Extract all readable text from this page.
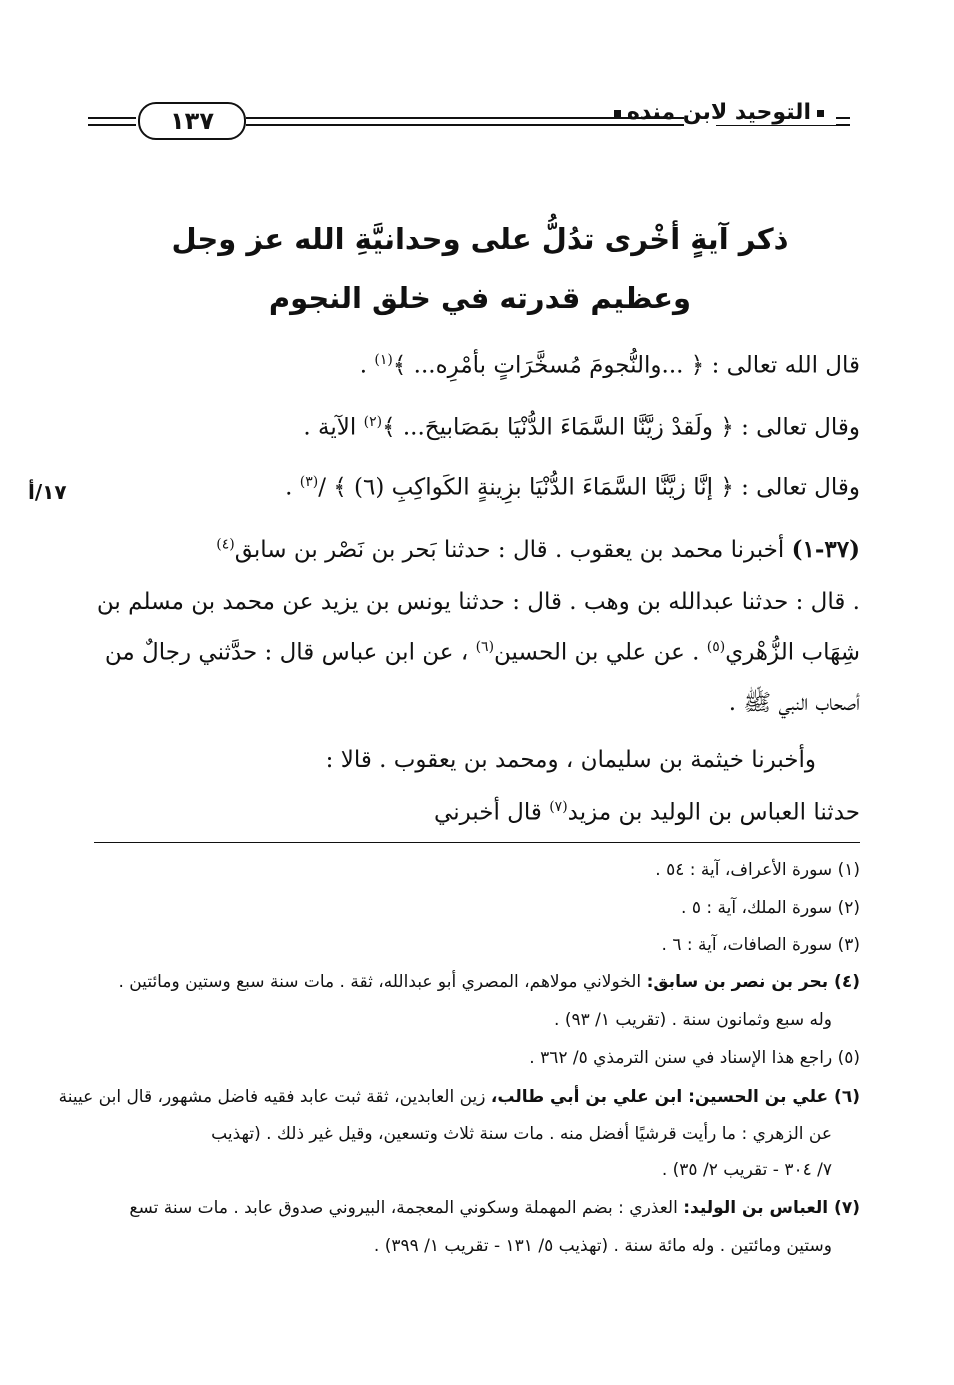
التوحيد لابن منده
١٣٧
ذكر آيةٍ أخْرى تدُلُّ على وحدانيَّةِ الله عز وجل
وعظيم قدرته في خلق النجوم
١٧/أ
قال الله تعالى : ﴿ ...والنُّجومَ مُسخَّرَاتٍ بأمْرِه... ﴾$^{(١)}$ .
وقال تعالى : ﴿ ولَقدْ زيَّنَّا السَّمَاءَ الدُّنْيَا بمَصَابيحَ... ﴾$^{(٢)}$ الآية .
وقال تعالى : ﴿ إنَّا زيَّنَّا السَّمَاءَ الدُّنْيَا بزِينةٍ الكَواكِبِ (٦) ﴾ /$^{(٣)}$ .
(٣٧-١) أخبرنا محمد بن يعقوب . قال : حدثنا بَحر بن نَصْر بن سابق$^{(٤)}$
. قال : حدثنا عبدالله بن وهب . قال : حدثنا يونس بن يزيد عن محمد بن مسلم بن
شِهَاب الزُّهْري$^{(٥)}$ . عن علي بن الحسين$^{(٦)}$ ، عن ابن عباس قال : حدَّثني رجالٌ من
أصحاب النبي ﷺ .
وأخبرنا خيثمة بن سليمان ، ومحمد بن يعقوب . قالا :
حدثنا العباس بن الوليد بن مزيد$^{(٧)}$ قال أخبرني
(١) سورة الأعراف، آية : ٥٤ .
(٢) سورة الملك، آية : ٥ .
(٣) سورة الصافات، آية : ٦ .
(٤) بحر بن نصر بن سابق: الخولاني مولاهم، المصري أبو عبدالله، ثقة . مات سنة سبع وستين ومائتين .
وله سبع وثمانون سنة . (تقريب ١/ ٩٣) .
(٥) راجع هذا الإسناد في سنن الترمذي ٥/ ٣٦٢ .
(٦) علي بن الحسين: ابن علي بن أبي طالب، زين العابدين، ثقة ثبت عابد فقيه فاضل مشهور، قال ابن عيينة
عن الزهري : ما رأيت قرشيًا أفضل منه . مات سنة ثلاث وتسعين، وقيل غير ذلك . (تهذيب
٧/ ٣٠٤ - تقريب ٢/ ٣٥) .
(٧) العباس بن الوليد: العذري : بضم المهملة وسكوني المعجمة، البيروني صدوق عابد . مات سنة تسع
وستين ومائتين . وله مائة سنة . (تهذيب ٥/ ١٣١ - تقريب ١/ ٣٩٩) .
